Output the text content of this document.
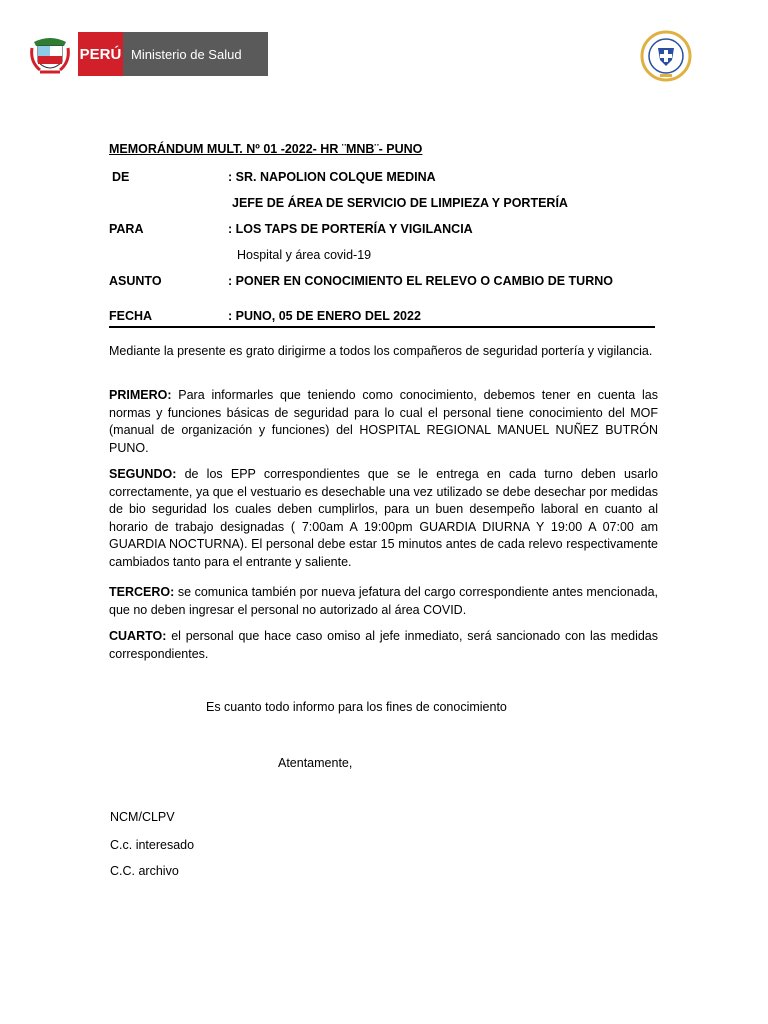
PERÚ Ministerio de Salud
MEMORÁNDUM MULT. Nº 01 -2022- HR ¨MNB¨- PUNO
DE	: SR. NAPOLION COLQUE MEDINA
JEFE DE ÁREA DE SERVICIO DE LIMPIEZA Y PORTERÍA
PARA	: LOS TAPS DE PORTERÍA Y VIGILANCIA
Hospital y área covid-19
ASUNTO	: PONER EN CONOCIMIENTO EL RELEVO O CAMBIO DE TURNO
FECHA	: PUNO, 05 DE ENERO DEL 2022
Mediante la presente es grato dirigirme a todos los compañeros de seguridad portería y vigilancia.
PRIMERO: Para informarles que teniendo como conocimiento, debemos tener en cuenta las normas y funciones básicas de seguridad para lo cual el personal tiene conocimiento del MOF (manual de organización y funciones) del HOSPITAL REGIONAL MANUEL NUÑEZ BUTRÓN PUNO.
SEGUNDO: de los EPP correspondientes que se le entrega en cada turno deben usarlo correctamente, ya que el vestuario es desechable una vez utilizado se debe desechar por medidas de bio seguridad los cuales deben cumplirlos, para un buen desempeño laboral en cuanto al horario de trabajo designadas ( 7:00am A 19:00pm GUARDIA DIURNA Y 19:00 A 07:00 am GUARDIA NOCTURNA). El personal debe estar 15 minutos antes de cada relevo respectivamente cambiados tanto para el entrante y saliente.
TERCERO: se comunica también por nueva jefatura del cargo correspondiente antes mencionada, que no deben ingresar el personal no autorizado al área COVID.
CUARTO: el personal que hace caso omiso al jefe inmediato, será sancionado con las medidas correspondientes.
Es cuanto todo informo para los fines de conocimiento
Atentamente,
NCM/CLPV
C.c. interesado
C.C. archivo
